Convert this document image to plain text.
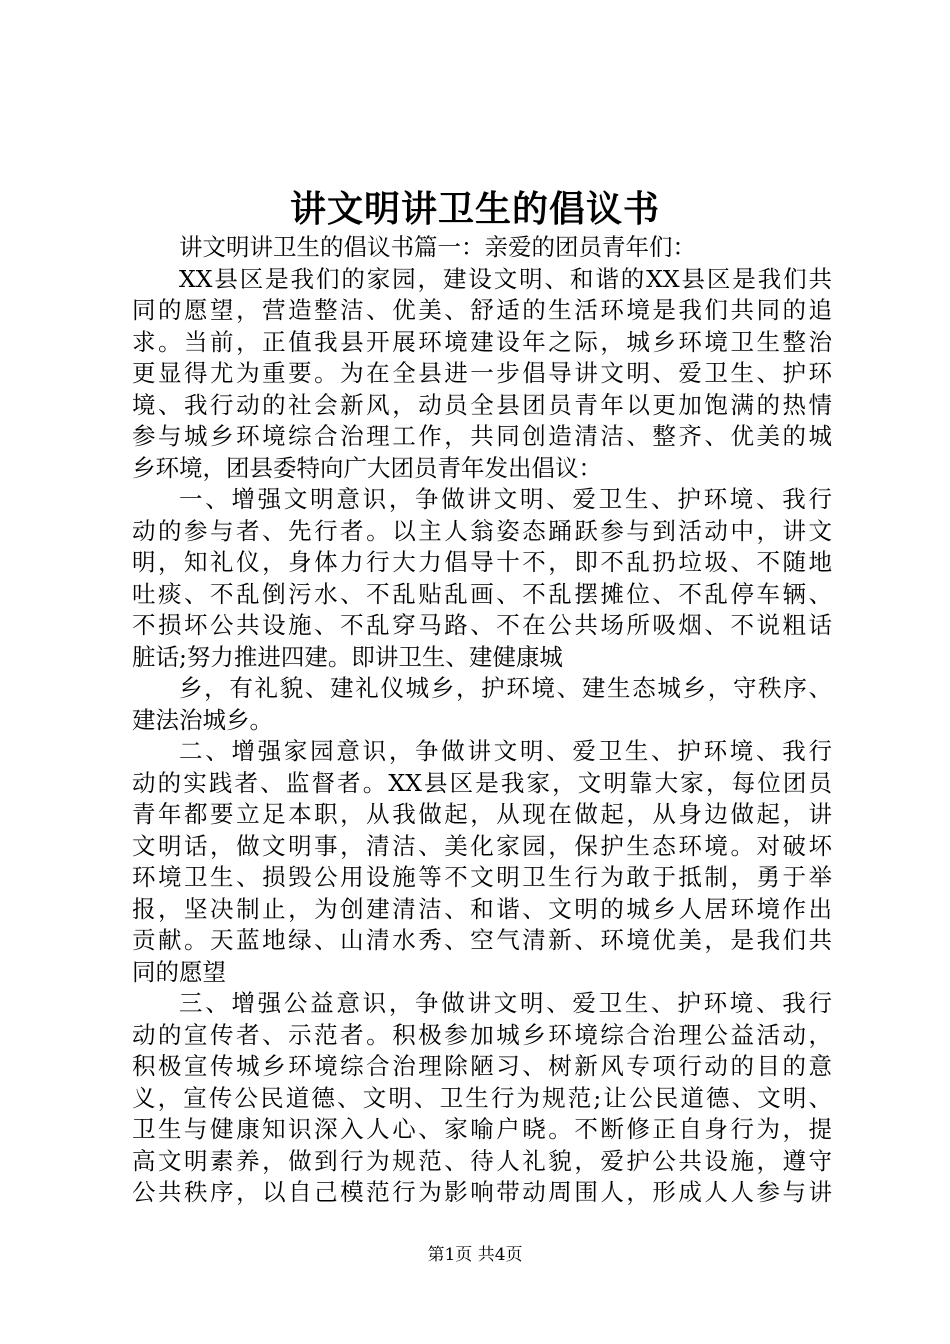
讲文明讲卫生的倡议书
讲文明讲卫生的倡议书篇一：亲爱的团员青年们：
XX县区是我们的家园，建设文明、和谐的XX县区是我们共
同的愿望，营造整洁、优美、舒适的生活环境是我们共同的追
求。当前，正值我县开展环境建设年之际，城乡环境卫生整治
更显得尤为重要。为在全县进一步倡导讲文明、爱卫生、护环
境、我行动的社会新风，动员全县团员青年以更加饱满的热情
参与城乡环境综合治理工作，共同创造清洁、整齐、优美的城
乡环境，团县委特向广大团员青年发出倡议：
一、增强文明意识，争做讲文明、爱卫生、护环境、我行
动的参与者、先行者。以主人翁姿态踊跃参与到活动中，讲文
明，知礼仪，身体力行大力倡导十不，即不乱扔垃圾、不随地
吐痰、不乱倒污水、不乱贴乱画、不乱摆摊位、不乱停车辆、
不损坏公共设施、不乱穿马路、不在公共场所吸烟、不说粗话
脏话;努力推进四建。即讲卫生、建健康城
乡，有礼貌、建礼仪城乡，护环境、建生态城乡，守秩序、
建法治城乡。
二、增强家园意识，争做讲文明、爱卫生、护环境、我行
动的实践者、监督者。XX县区是我家，文明靠大家，每位团员
青年都要立足本职，从我做起，从现在做起，从身边做起，讲
文明话，做文明事，清洁、美化家园，保护生态环境。对破坏
环境卫生、损毁公用设施等不文明卫生行为敢于抵制，勇于举
报，坚决制止，为创建清洁、和谐、文明的城乡人居环境作出
贡献。天蓝地绿、山清水秀、空气清新、环境优美，是我们共
同的愿望
三、增强公益意识，争做讲文明、爱卫生、护环境、我行
动的宣传者、示范者。积极参加城乡环境综合治理公益活动，
积极宣传城乡环境综合治理除陋习、树新风专项行动的目的意
义，宣传公民道德、文明、卫生行为规范;让公民道德、文明、
卫生与健康知识深入人心、家喻户晓。不断修正自身行为，提
高文明素养，做到行为规范、待人礼貌，爱护公共设施，遵守
公共秩序，以自己模范行为影响带动周围人，形成人人参与讲
第1页 共4页
